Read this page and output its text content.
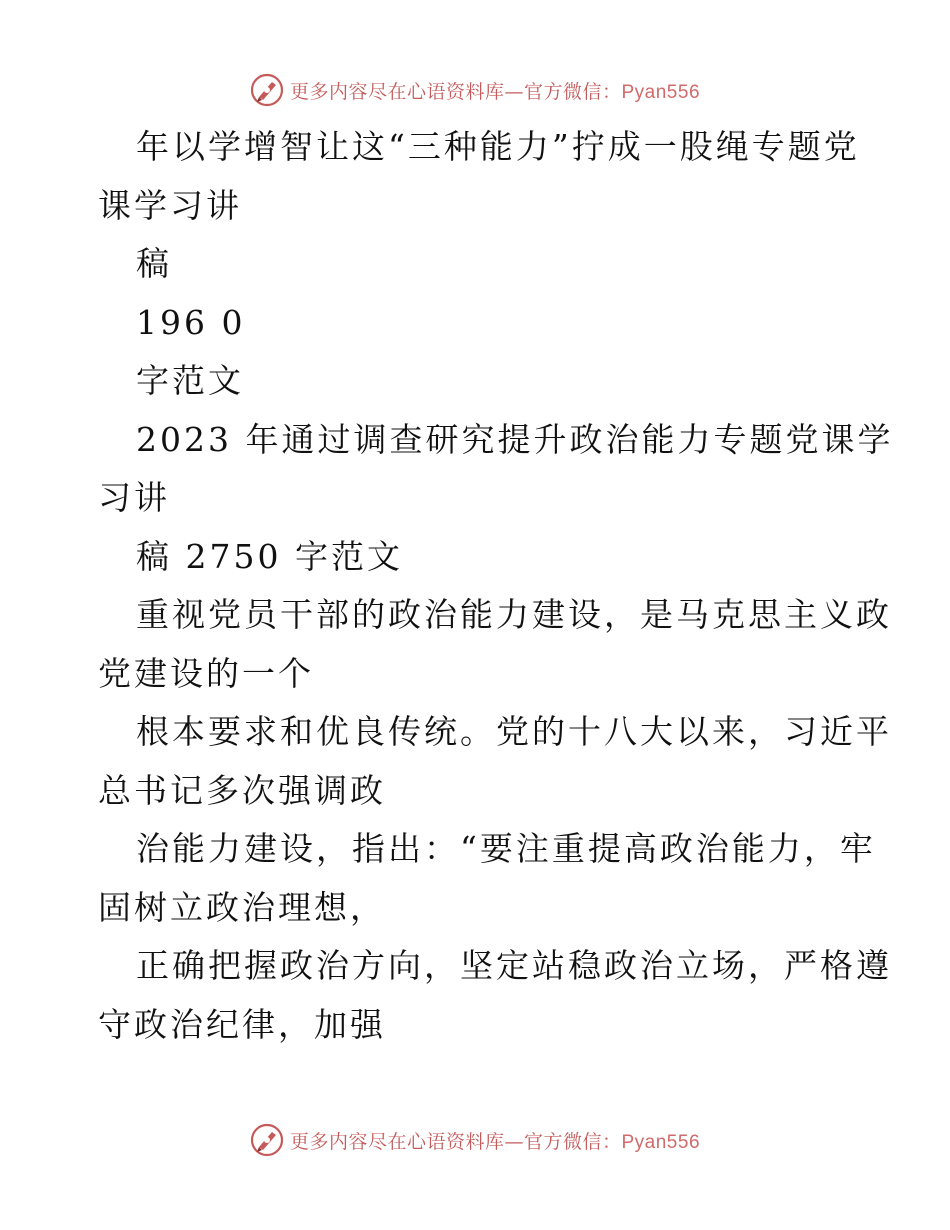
更多内容尽在心语资料库—官方微信：Pyan556
年以学增智让这“三种能力”拧成一股绳专题党
课学习讲
稿
196 0
字范文
2023 年通过调查研究提升政治能力专题党课学
习讲
稿 2750 字范文
重视党员干部的政治能力建设，是马克思主义政
党建设的一个
根本要求和优良传统。党的十八大以来，习近平
总书记多次强调政
治能力建设，指出：“要注重提高政治能力，牢
固树立政治理想，
正确把握政治方向，坚定站稳政治立场，严格遵
守政治纪律，加强
更多内容尽在心语资料库—官方微信：Pyan556
